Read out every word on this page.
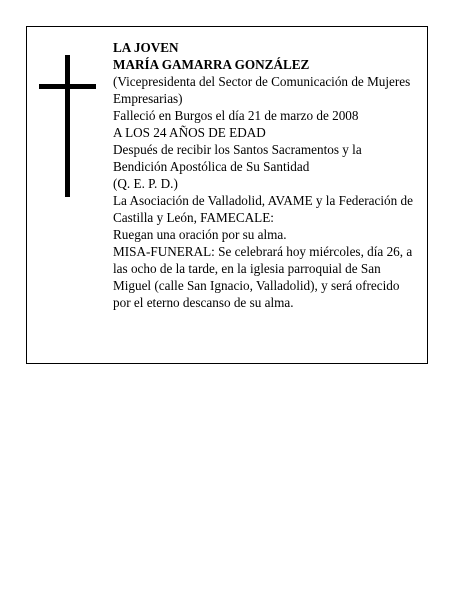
LA JOVEN
MARÍA GAMARRA GONZÁLEZ
(Vicepresidenta del Sector de Comunicación de Mujeres Empresarias)
Falleció en Burgos el día 21 de marzo de 2008
A LOS 24 AÑOS DE EDAD
Después de recibir los Santos Sacramentos y la Bendición Apostólica de Su Santidad
(Q. E. P. D.)
La Asociación de Valladolid, AVAME y la Federación de Castilla y León, FAMECALE:
Ruegan una oración por su alma.
MISA-FUNERAL: Se celebrará hoy miércoles, día 26, a las ocho de la tarde, en la iglesia parroquial de San Miguel (calle San Ignacio, Valladolid), y será ofrecido por el eterno descanso de su alma.
